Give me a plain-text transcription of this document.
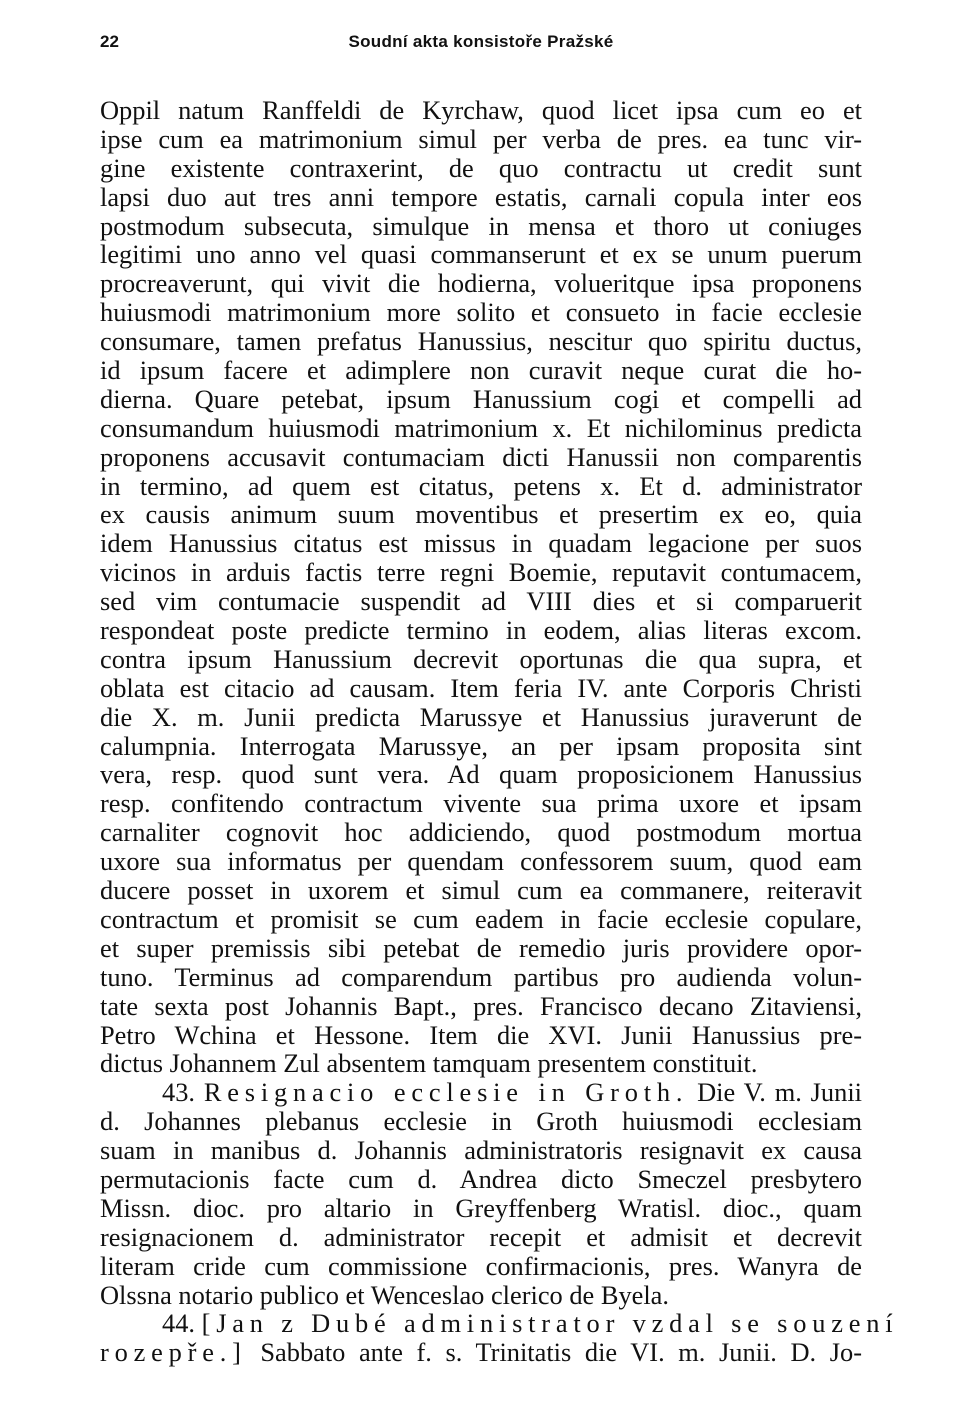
22	Soudní akta konsistoře Pražské
Oppil natum Ranffeldi de Kyrchaw, quod licet ipsa cum eo et
ipse cum ea matrimonium simul per verba de pres. ea tunc vir-
gine existente contraxerint, de quo contractu ut credit sunt
lapsi duo aut tres anni tempore estatis, carnali copula inter eos
postmodum subsecuta, simulque in mensa et thoro ut coniuges
legitimi uno anno vel quasi commanserunt et ex se unum puerum
procreaverunt, qui vivit die hodierna, volueritque ipsa proponens
huiusmodi matrimonium more solito et consueto in facie ecclesie
consumare, tamen prefatus Hanussius, nescitur quo spiritu ductus,
id ipsum facere et adimplere non curavit neque curat die ho-
dierna. Quare petebat, ipsum Hanussium cogi et compelli ad
consumandum huiusmodi matrimonium x. Et nichilominus predicta
proponens accusavit contumaciam dicti Hanussii non comparentis
in termino, ad quem est citatus, petens x. Et d. administrator
ex causis animum suum moventibus et presertim ex eo, quia
idem Hanussius citatus est missus in quadam legacione per suos
vicinos in arduis factis terre regni Boemie, reputavit contumacem,
sed vim contumacie suspendit ad VIII dies et si comparuerit
respondeat poste predicte termino in eodem, alias literas excom.
contra ipsum Hanussium decrevit oportunas die qua supra, et
oblata est citacio ad causam. Item feria IV. ante Corporis Christi
die X. m. Junii predicta Marussye et Hanussius juraverunt de
calumpnia. Interrogata Marussye, an per ipsam proposita sint
vera, resp. quod sunt vera. Ad quam proposicionem Hanussius
resp. confitendo contractum vivente sua prima uxore et ipsam
carnaliter cognovit hoc addiciendo, quod postmodum mortua
uxore sua informatus per quendam confessorem suum, quod eam
ducere posset in uxorem et simul cum ea commanere, reiteravit
contractum et promisit se cum eadem in facie ecclesie copulare,
et super premissis sibi petebat de remedio juris providere opor-
tuno. Terminus ad comparendum partibus pro audienda volun-
tate sexta post Johannis Bapt., pres. Francisco decano Zitaviensi,
Petro Wchina et Hessone. Item die XVI. Junii Hanussius pre-
dictus Johannem Zul absentem tamquam presentem constituit.
43. Resignacio ecclesie in Groth. Die V. m. Junii
d. Johannes plebanus ecclesie in Groth huiusmodi ecclesiam
suam in manibus d. Johannis administratoris resignavit ex causa
permutacionis facte cum d. Andrea dicto Smeczel presbytero
Missn. dioc. pro altario in Greyffenberg Wratisl. dioc., quam
resignacionem d. administrator recepit et admisit et decrevit
literam cride cum commissione confirmacionis, pres. Wanyra de
Olssna notario publico et Wenceslao clerico de Byela.
44. [Jan z Dubé administrator vzdal se souzení
rozepře.] Sabbato ante f. s. Trinitatis die VI. m. Junii. D. Jo-
